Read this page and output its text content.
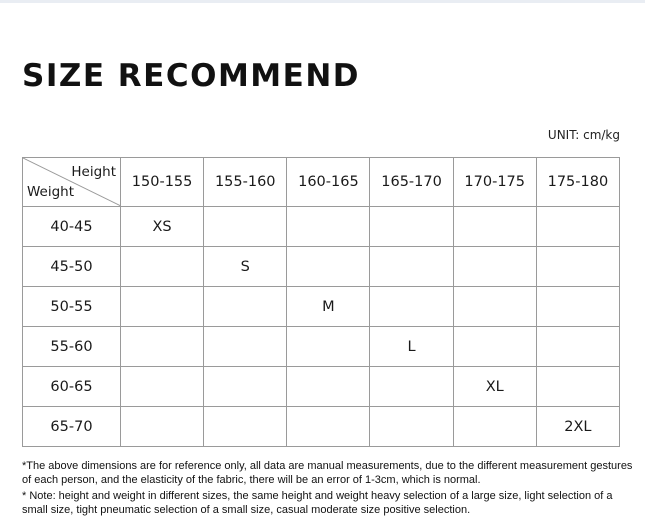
SIZE RECOMMEND
UNIT: cm/kg
Height
Weight	150-155	155-160	160-165	165-170	170-175	175-180
40-45	XS					
45-50		S				
50-55			M			
55-60				L		
60-65					XL	
65-70						2XL

*The above dimensions are for reference only, all data are manual measurements, due to the different measurement gestures of each person, and the elasticity of the fabric, there will be an error of 1-3cm, which is normal.

* Note: height and weight in different sizes, the same height and weight heavy selection of a large size, light selection of a small size, tight pneumatic selection of a small size, casual moderate size positive selection.
